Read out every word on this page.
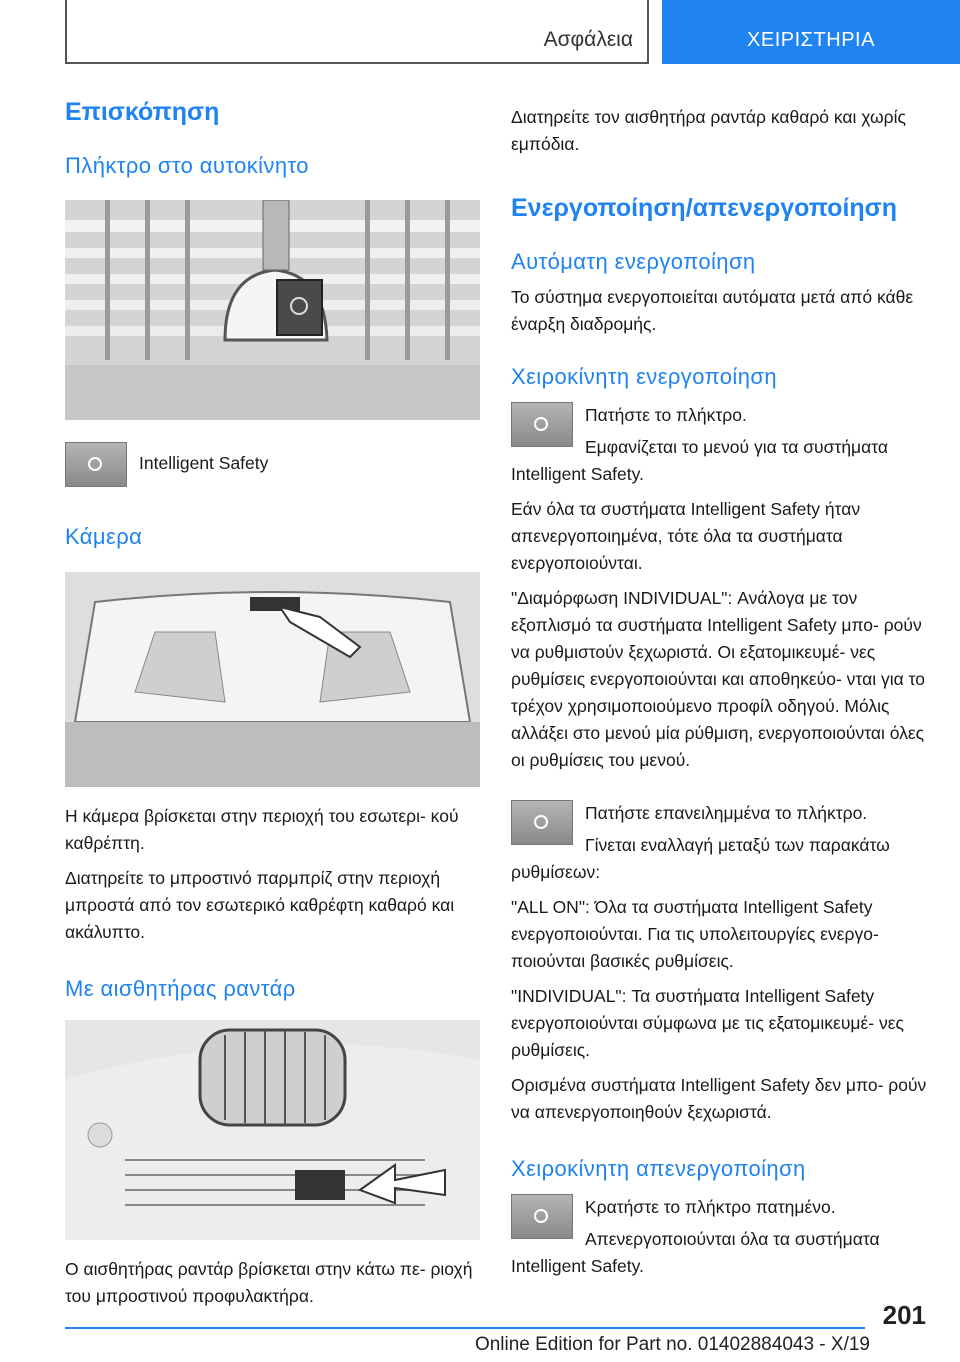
Ασφάλεια	ΧΕΙΡΙΣΤΗΡΙΑ
Επισκόπηση
Πλήκτρο στο αυτοκίνητο

Intelligent Safety

Κάμερα

Η κάμερα βρίσκεται στην περιοχή του εσωτερι- κού καθρέπτη.

Διατηρείτε το μπροστινό παρμπρίζ στην περιοχή μπροστά από τον εσωτερικό καθρέφτη καθαρό και ακάλυπτο.

Με αισθητήρας ραντάρ

Ο αισθητήρας ραντάρ βρίσκεται στην κάτω πε- ριοχή του μπροστινού προφυλακτήρα.

Διατηρείτε τον αισθητήρα ραντάρ καθαρό και χωρίς εμπόδια.

Ενεργοποίηση/απενεργοποίηση
Αυτόματη ενεργοποίηση

Το σύστημα ενεργοποιείται αυτόματα μετά από κάθε έναρξη διαδρομής.

Χειροκίνητη ενεργοποίηση

Πατήστε το πλήκτρο.

Εμφανίζεται το μενού για τα συστήματα Intelligent Safety.

Εάν όλα τα συστήματα Intelligent Safety ήταν απενεργοποιημένα, τότε όλα τα συστήματα ενεργοποιούνται.

"Διαμόρφωση INDIVIDUAL": Ανάλογα με τον εξοπλισμό τα συστήματα Intelligent Safety μπο- ρούν να ρυθμιστούν ξεχωριστά. Οι εξατομικευμέ- νες ρυθμίσεις ενεργοποιούνται και αποθηκεύο- νται για το τρέχον χρησιμοποιούμενο προφίλ οδηγού. Μόλις αλλάξει στο μενού μία ρύθμιση, ενεργοποιούνται όλες οι ρυθμίσεις του μενού.

Πατήστε επανειλημμένα το πλήκτρο.

Γίνεται εναλλαγή μεταξύ των παρακάτω ρυθμίσεων:

"ALL ON": Όλα τα συστήματα Intelligent Safety ενεργοποιούνται. Για τις υπολειτουργίες ενεργο- ποιούνται βασικές ρυθμίσεις.

"INDIVIDUAL": Τα συστήματα Intelligent Safety ενεργοποιούνται σύμφωνα με τις εξατομικευμέ- νες ρυθμίσεις.

Ορισμένα συστήματα Intelligent Safety δεν μπο- ρούν να απενεργοποιηθούν ξεχωριστά.

Χειροκίνητη απενεργοποίηση

Κρατήστε το πλήκτρο πατημένο.

Απενεργοποιούνται όλα τα συστήματα Intelligent Safety.

201
Online Edition for Part no. 01402884043 - X/19
